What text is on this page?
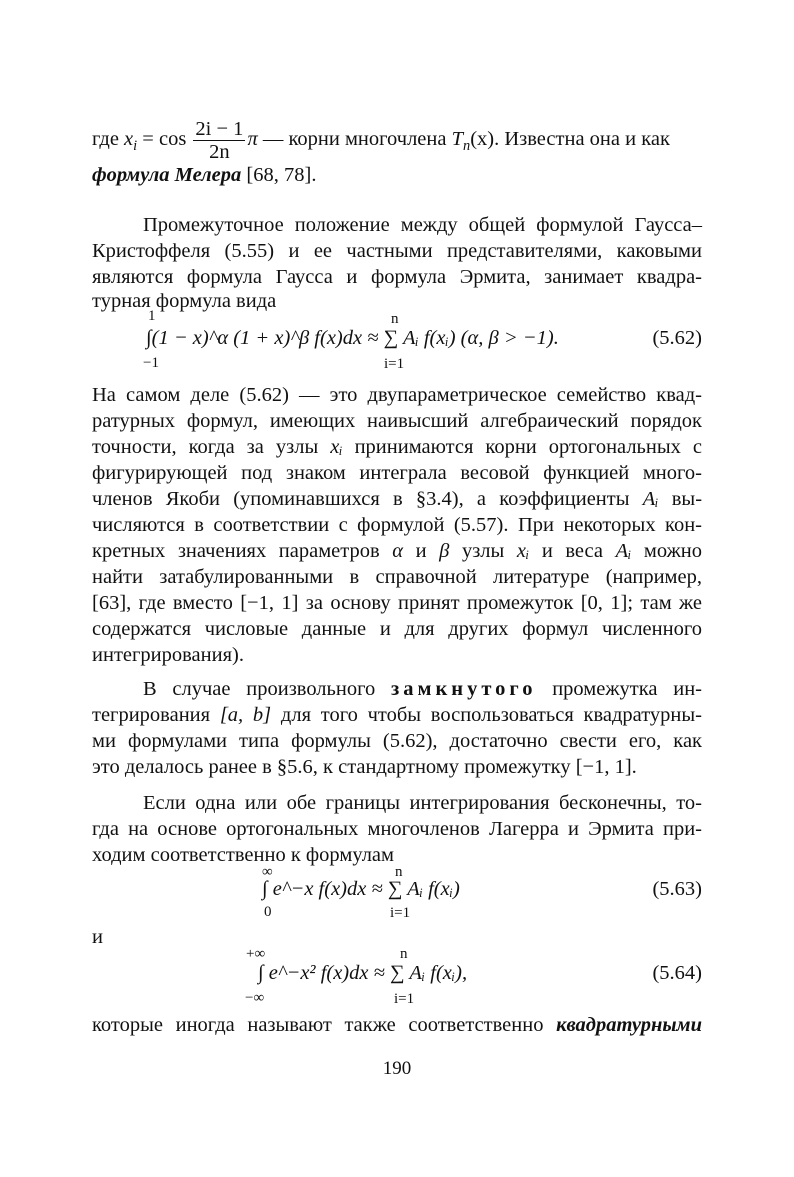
где $x_i = \cos \frac{2i - 1}{2n}$ π — корни многочлена $T_n(x)$. Известна она и как
формула Мелера [68, 78].
Промежуточное положение между общей формулой Гаусса–
Кристоффеля (5.55) и ее частными представителями, каковыми
являются формула Гаусса и формула Эрмита, занимает квадра-
турная формула вида
1
∫(1 − x)^α (1 + x)^β f(x)dx ≈ ∑ Aᵢ f(xᵢ) (α, β > −1).
−1
n
i=1
(5.62)
На самом деле (5.62) — это двупараметрическое семейство квад-
ратурных формул, имеющих наивысший алгебраический порядок
точности, когда за узлы xᵢ принимаются корни ортогональных с
фигурирующей под знаком интеграла весовой функцией много-
членов Якоби (упоминавшихся в §3.4), а коэффициенты Aᵢ вы-
числяются в соответствии с формулой (5.57). При некоторых кон-
кретных значениях параметров α и β узлы xᵢ и веса Aᵢ можно
найти затабулированными в справочной литературе (например,
[63], где вместо [−1, 1] за основу принят промежуток [0, 1]; там же
содержатся числовые данные и для других формул численного
интегрирования).
В случае произвольного замкнутого промежутка ин-
тегрирования [a, b] для того чтобы воспользоваться квадратурны-
ми формулами типа формулы (5.62), достаточно свести его, как
это делалось ранее в §5.6, к стандартному промежутку [−1, 1].
Если одна или обе границы интегрирования бесконечны, то-
гда на основе ортогональных многочленов Лагерра и Эрмита при-
ходим соответственно к формулам
∞
∫ e^−x f(x)dx ≈ ∑ Aᵢ f(xᵢ)
0
n
i=1
(5.63)
и
+∞
∫ e^−x² f(x)dx ≈ ∑ Aᵢ f(xᵢ),
−∞
n
i=1
(5.64)
которые иногда называют также соответственно квадратурными
190
